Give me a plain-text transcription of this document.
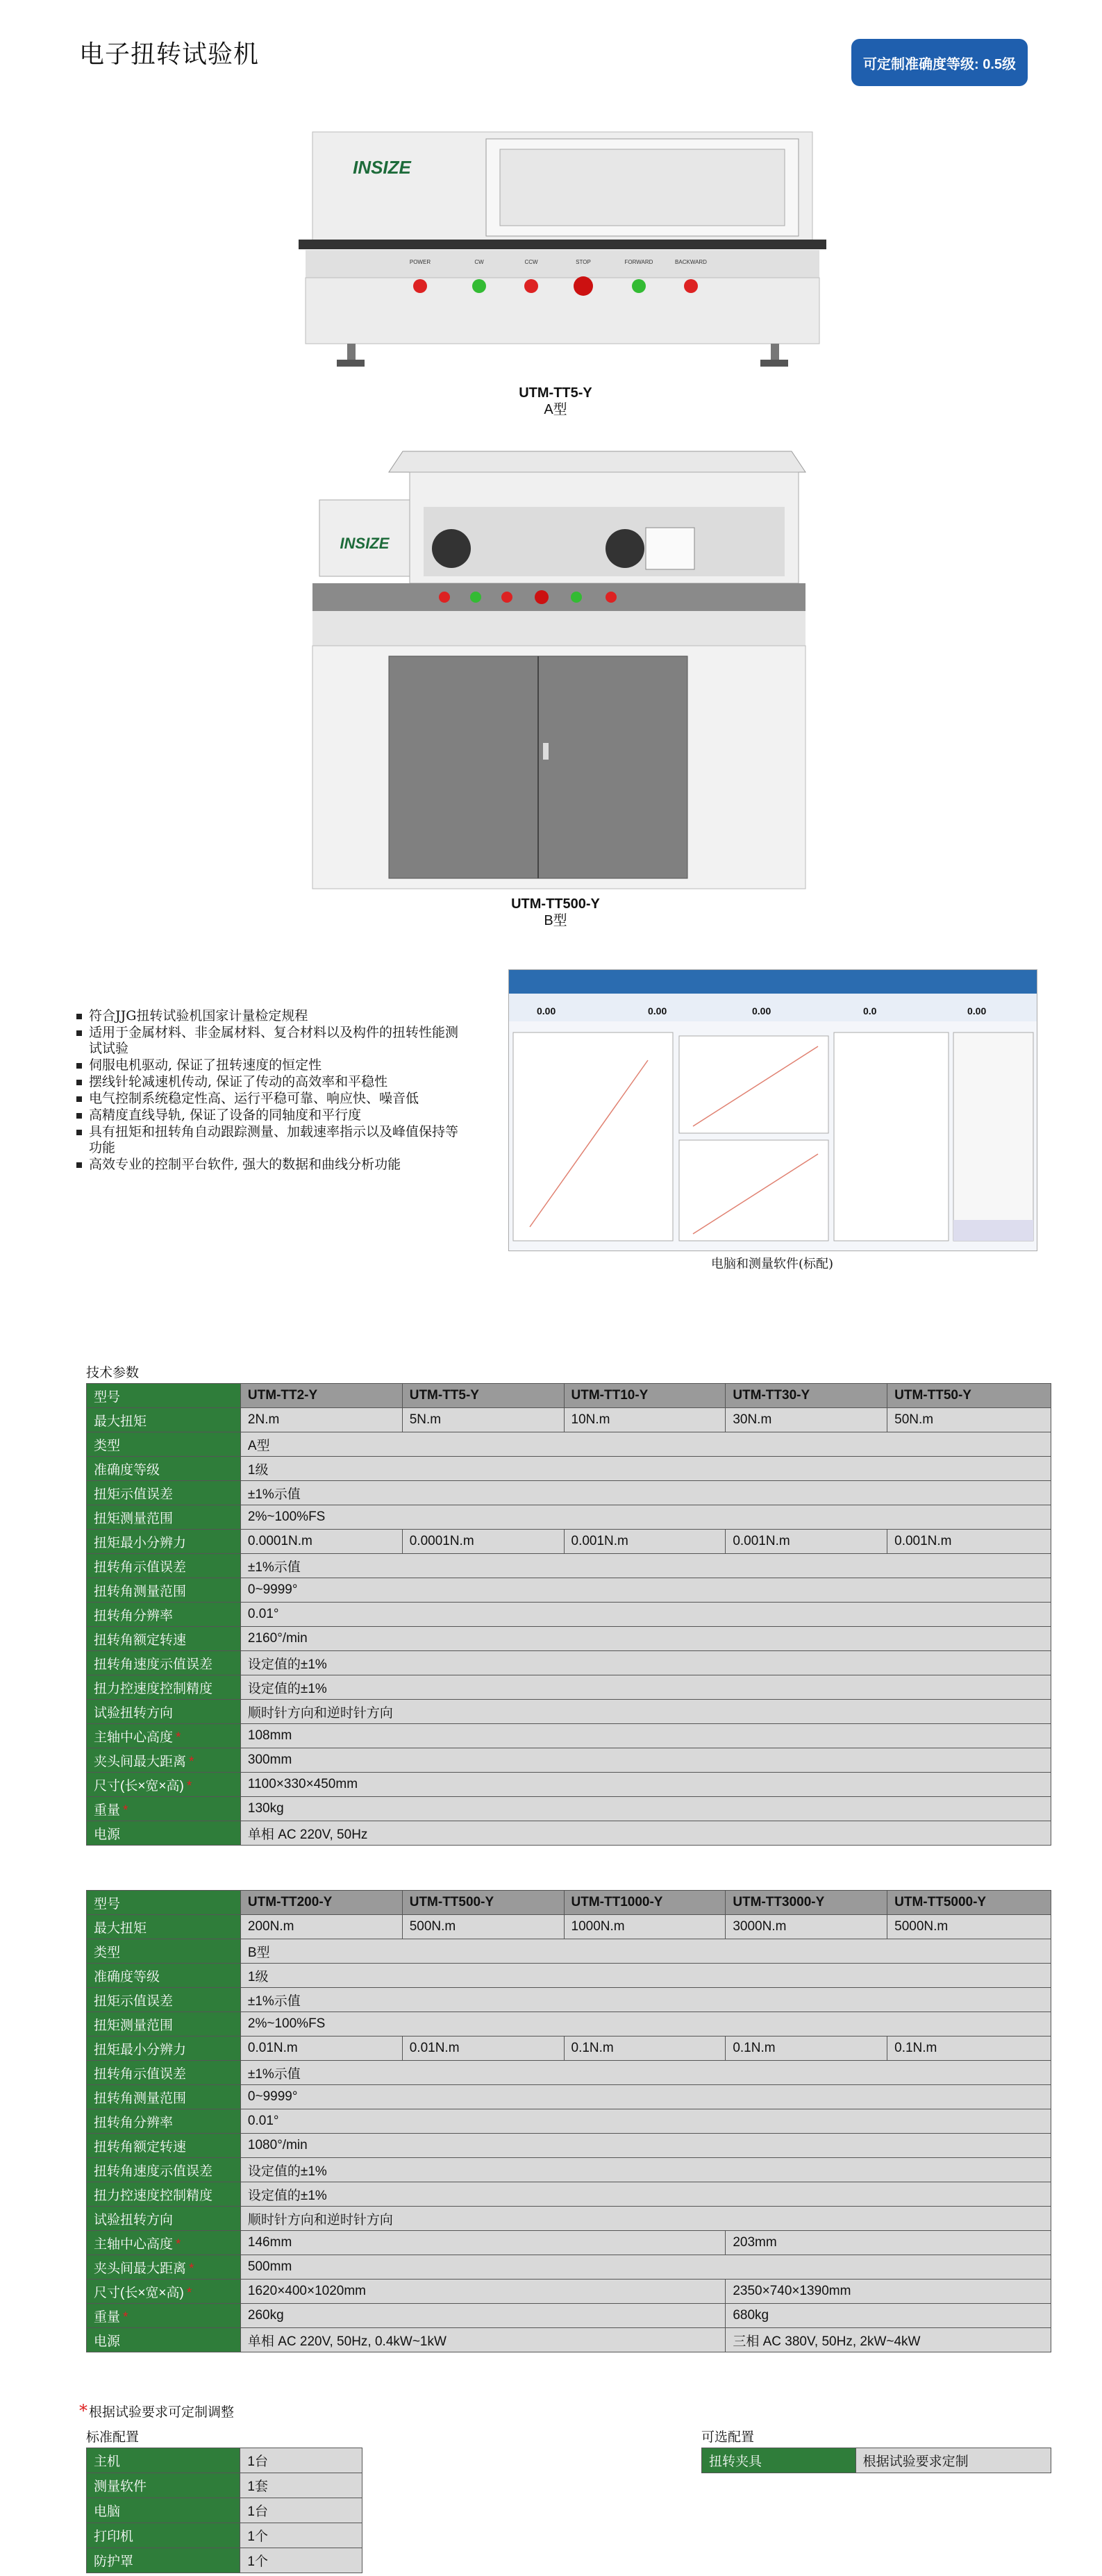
电子扭转试验机	可定制准确度等级: 0.5级
INSIZE
POWER	CW	CCW	STOP	FORWARD	BACKWARD
UTM-TT5-Y
A型
INSIZE
UTM-TT500-Y
B型
符合JJG扭转试验机国家计量检定规程
适用于金属材料、非金属材料、复合材料以及构件的扭转性能测试试验
伺服电机驱动, 保证了扭转速度的恒定性
摆线针轮减速机传动, 保证了传动的高效率和平稳性
电气控制系统稳定性高、运行平稳可靠、响应快、噪音低
高精度直线导轨, 保证了设备的同轴度和平行度
具有扭矩和扭转角自动跟踪测量、加载速率指示以及峰值保持等功能
高效专业的控制平台软件, 强大的数据和曲线分析功能
0.00	0.00	0.00	0.0	0.00
电脑和测量软件(标配)
技术参数
型号	UTM-TT2-Y	UTM-TT5-Y	UTM-TT10-Y	UTM-TT30-Y	UTM-TT50-Y
最大扭矩	2N.m	5N.m	10N.m	30N.m	50N.m
类型	A型				
准确度等级	1级				
扭矩示值误差	±1%示值				
扭矩测量范围	2%~100%FS				
扭矩最小分辨力	0.0001N.m	0.0001N.m	0.001N.m	0.001N.m	0.001N.m
扭转角示值误差	±1%示值				
扭转角测量范围	0~9999°				
扭转角分辨率	0.01°				
扭转角额定转速	2160°/min				
扭转角速度示值误差	设定值的±1%				
扭力控速度控制精度	设定值的±1%				
试验扭转方向	顺时针方向和逆时针方向				
主轴中心高度 *	108mm				
夹头间最大距离 *	300mm				
尺寸(长×宽×高) *	1100×330×450mm				
重量 *	130kg				
电源	单相 AC 220V, 50Hz				
型号	UTM-TT200-Y	UTM-TT500-Y	UTM-TT1000-Y	UTM-TT3000-Y	UTM-TT5000-Y
最大扭矩	200N.m	500N.m	1000N.m	3000N.m	5000N.m
类型	B型				
准确度等级	1级				
扭矩示值误差	±1%示值				
扭矩测量范围	2%~100%FS				
扭矩最小分辨力	0.01N.m	0.01N.m	0.1N.m	0.1N.m	0.1N.m
扭转角示值误差	±1%示值				
扭转角测量范围	0~9999°				
扭转角分辨率	0.01°				
扭转角额定转速	1080°/min				
扭转角速度示值误差	设定值的±1%				
扭力控速度控制精度	设定值的±1%				
试验扭转方向	顺时针方向和逆时针方向				
主轴中心高度 *	146mm			203mm	
夹头间最大距离 *	500mm				
尺寸(长×宽×高) *	1620×400×1020mm			2350×740×1390mm	
重量 *	260kg			680kg	
电源	单相 AC 220V, 50Hz, 0.4kW~1kW			三相 AC 380V, 50Hz, 2kW~4kW	
* 根据试验要求可定制调整
标准配置
主机	1台
测量软件	1套
电脑	1台
打印机	1个
防护罩	1个
可选配置
扭转夹具	根据试验要求定制
